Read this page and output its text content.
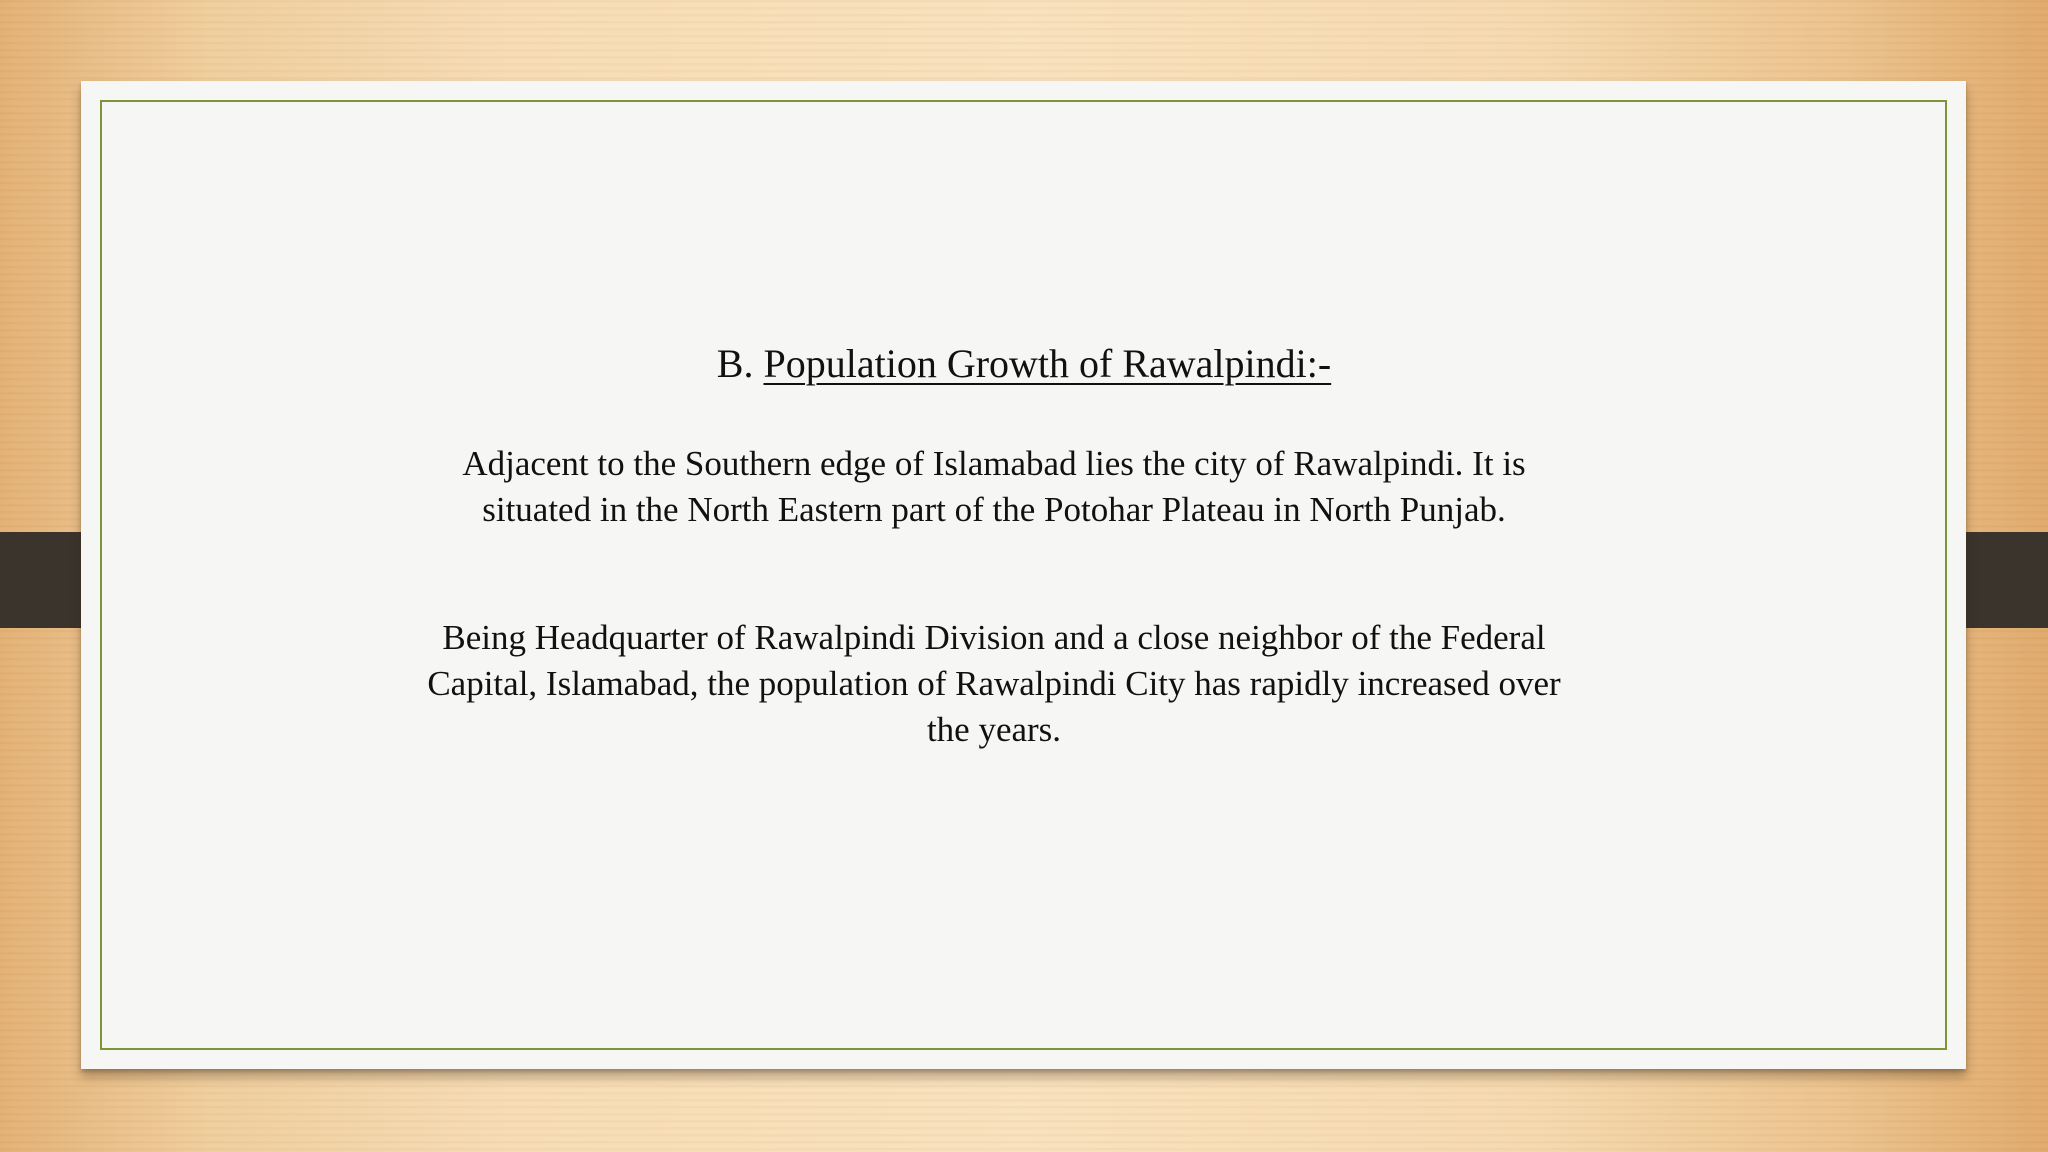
B. Population Growth of Rawalpindi:-

Adjacent to the Southern edge of Islamabad lies the city of Rawalpindi. It is situated in the North Eastern part of the Potohar Plateau in North Punjab.

Being Headquarter of Rawalpindi Division and a close neighbor of the Federal Capital, Islamabad, the population of Rawalpindi City has rapidly increased over the years.
